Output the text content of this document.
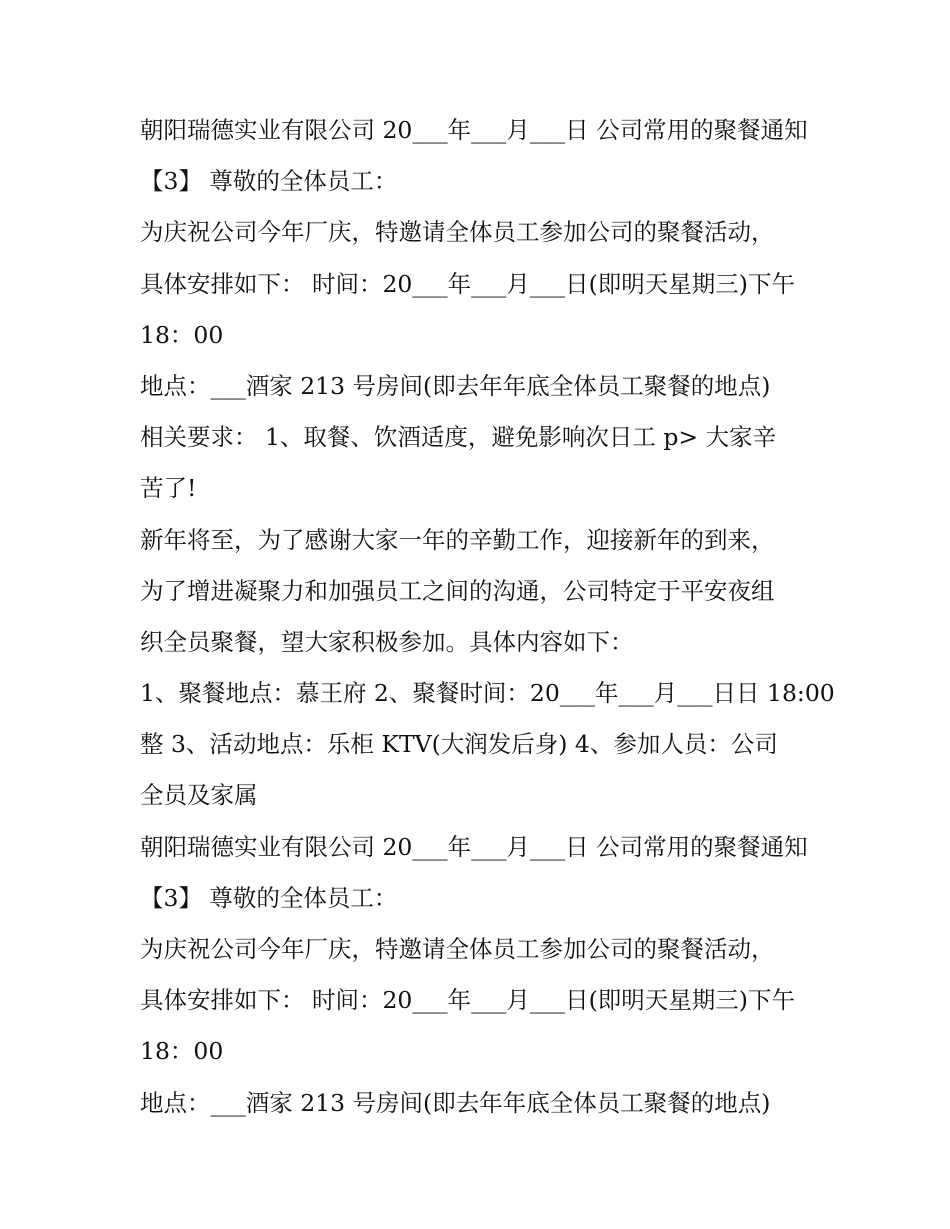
朝阳瑞德实业有限公司 20___年___月___日 公司常用的聚餐通知
【3】 尊敬的全体员工：
为庆祝公司今年厂庆，特邀请全体员工参加公司的聚餐活动，
具体安排如下： 时间：20___年___月___日(即明天星期三)下午
18：00
地点：___酒家 213 号房间(即去年年底全体员工聚餐的地点)
相关要求： 1、取餐、饮酒适度，避免影响次日工 p> 大家辛
苦了!
新年将至，为了感谢大家一年的辛勤工作，迎接新年的到来，
为了增进凝聚力和加强员工之间的沟通，公司特定于平安夜组
织全员聚餐，望大家积极参加。具体内容如下：
1、聚餐地点：慕王府 2、聚餐时间：20___年___月___日日 18:00
整 3、活动地点：乐柜 KTV(大润发后身) 4、参加人员：公司
全员及家属
朝阳瑞德实业有限公司 20___年___月___日 公司常用的聚餐通知
【3】 尊敬的全体员工：
为庆祝公司今年厂庆，特邀请全体员工参加公司的聚餐活动，
具体安排如下： 时间：20___年___月___日(即明天星期三)下午
18：00
地点：___酒家 213 号房间(即去年年底全体员工聚餐的地点)
